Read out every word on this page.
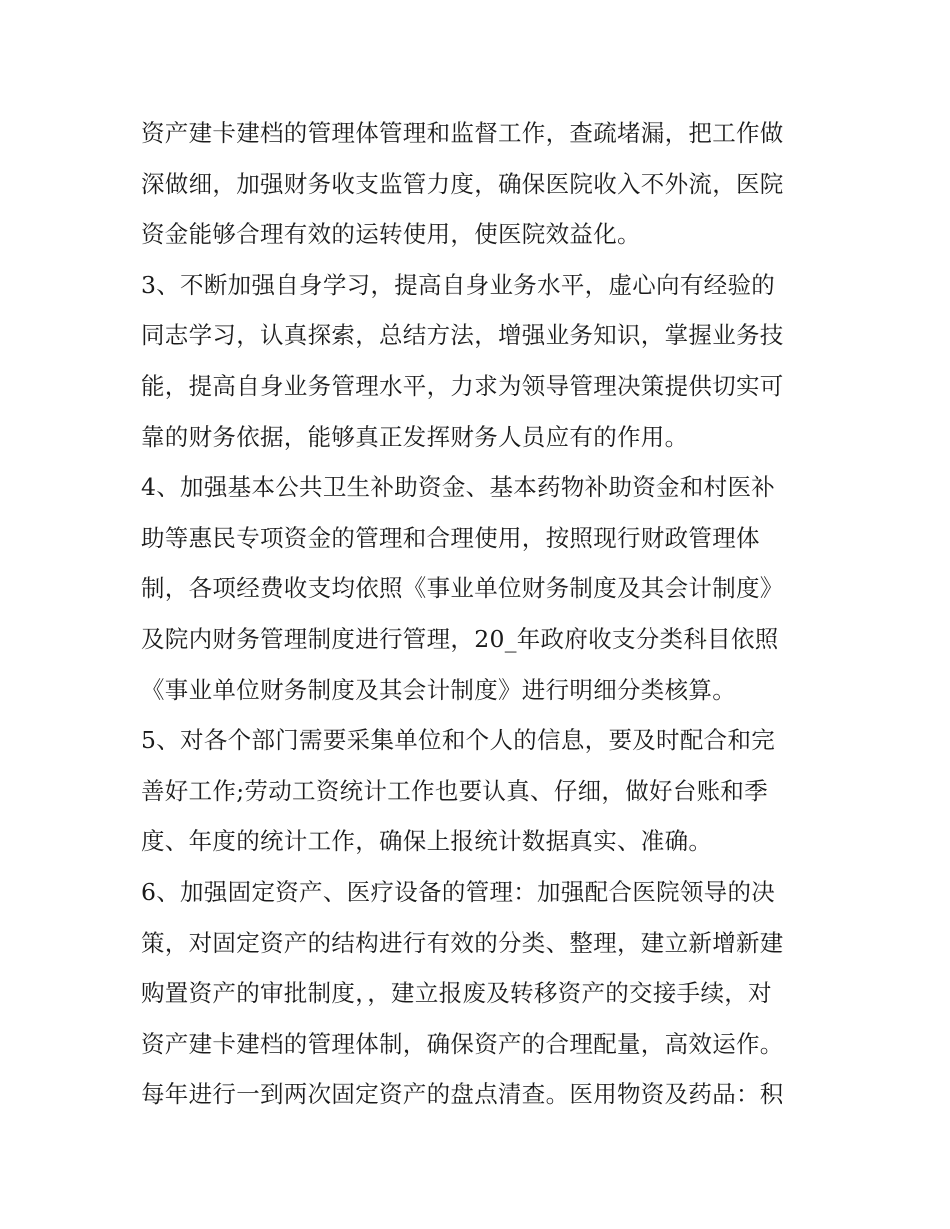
资产建卡建档的管理体管理和监督工作，查疏堵漏，把工作做
深做细，加强财务收支监管力度，确保医院收入不外流，医院
资金能够合理有效的运转使用，使医院效益化。
3、不断加强自身学习，提高自身业务水平，虚心向有经验的
同志学习，认真探索，总结方法，增强业务知识，掌握业务技
能，提高自身业务管理水平，力求为领导管理决策提供切实可
靠的财务依据，能够真正发挥财务人员应有的作用。
4、加强基本公共卫生补助资金、基本药物补助资金和村医补
助等惠民专项资金的管理和合理使用，按照现行财政管理体
制，各项经费收支均依照《事业单位财务制度及其会计制度》
及院内财务管理制度进行管理，20_年政府收支分类科目依照
《事业单位财务制度及其会计制度》进行明细分类核算。
5、对各个部门需要采集单位和个人的信息，要及时配合和完
善好工作;劳动工资统计工作也要认真、仔细，做好台账和季
度、年度的统计工作，确保上报统计数据真实、准确。
6、加强固定资产、医疗设备的管理：加强配合医院领导的决
策，对固定资产的结构进行有效的分类、整理，建立新增新建
购置资产的审批制度，，建立报废及转移资产的交接手续，对
资产建卡建档的管理体制，确保资产的合理配量，高效运作。
每年进行一到两次固定资产的盘点清查。医用物资及药品：积
